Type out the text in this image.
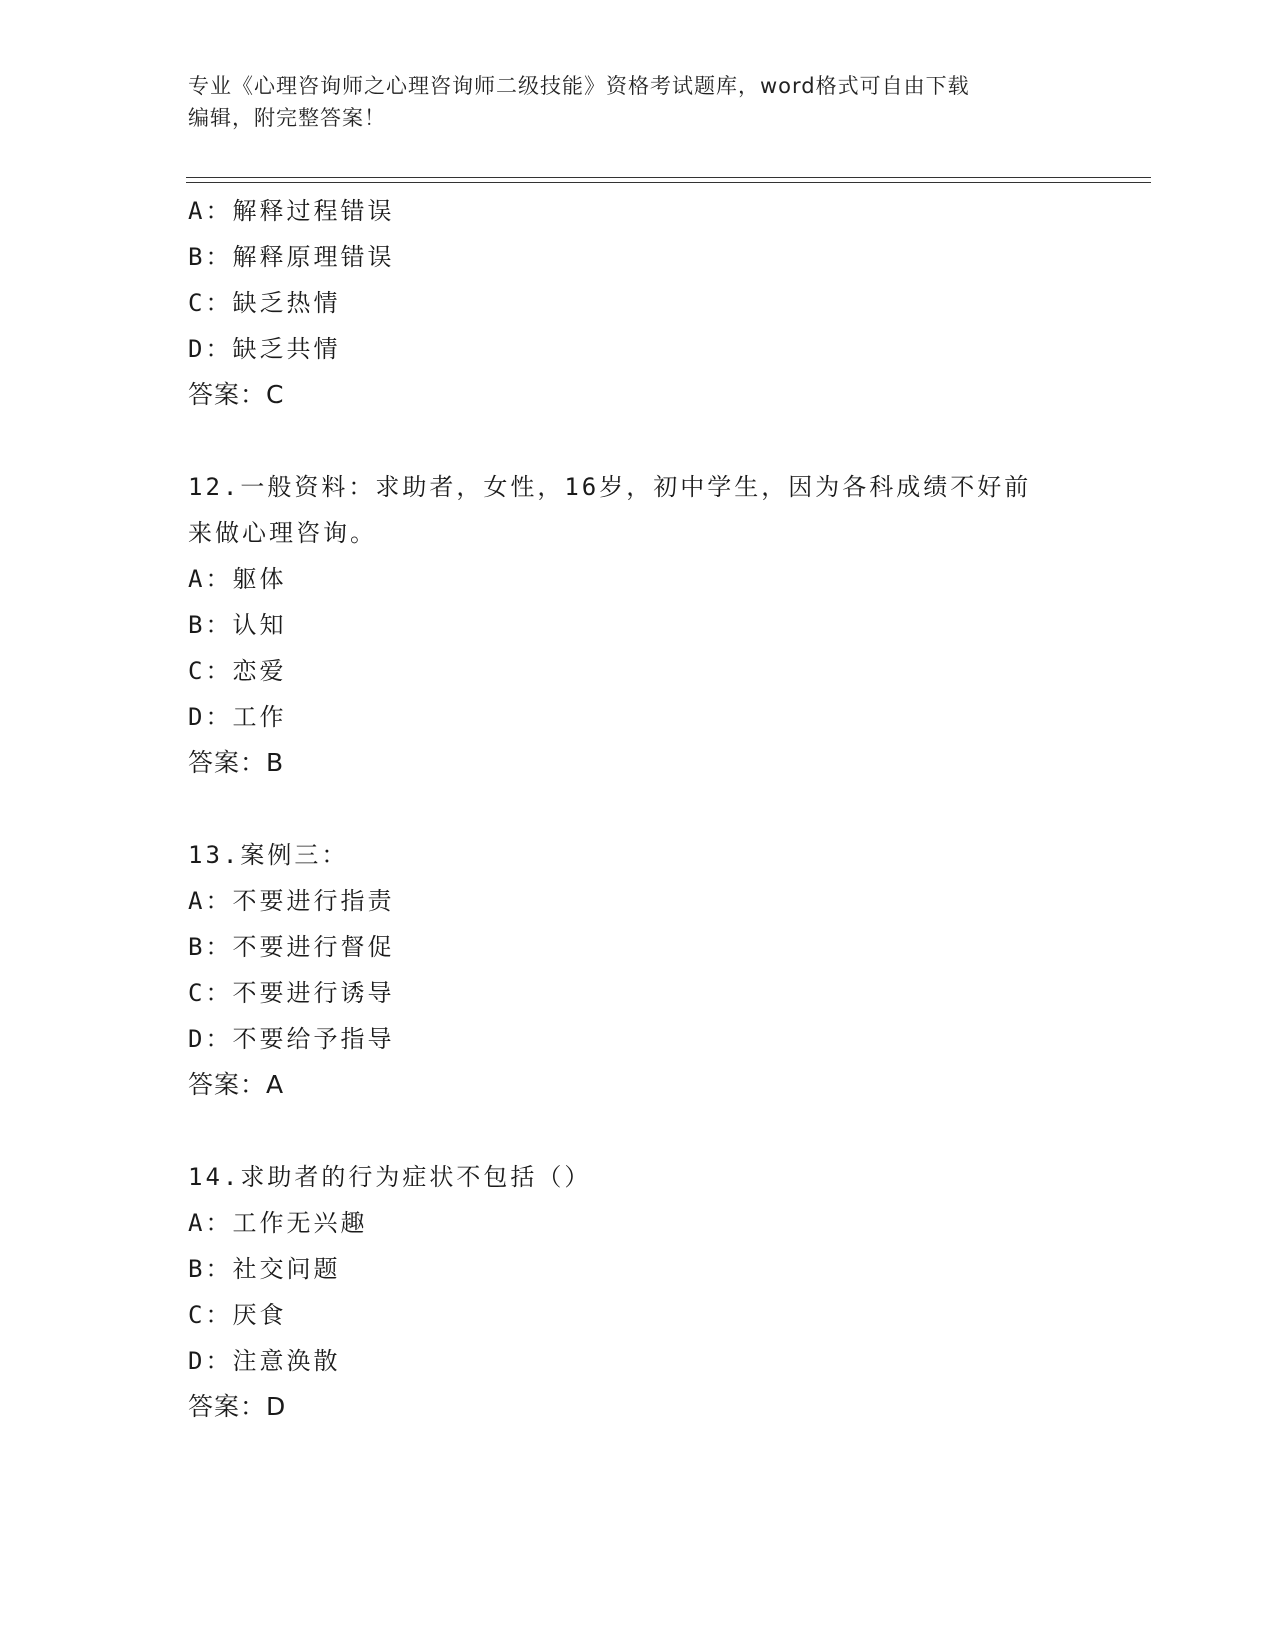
专业《心理咨询师之心理咨询师二级技能》资格考试题库，word格式可自由下载
编辑，附完整答案！
A：解释过程错误
B：解释原理错误
C：缺乏热情
D：缺乏共情
答案：C
12.一般资料：求助者，女性，16岁，初中学生，因为各科成绩不好前
来做心理咨询。
A：躯体
B：认知
C：恋爱
D：工作
答案：B
13.案例三：
A：不要进行指责
B：不要进行督促
C：不要进行诱导
D：不要给予指导
答案：A
14.求助者的行为症状不包括（）
A：工作无兴趣
B：社交问题
C：厌食
D：注意涣散
答案：D
